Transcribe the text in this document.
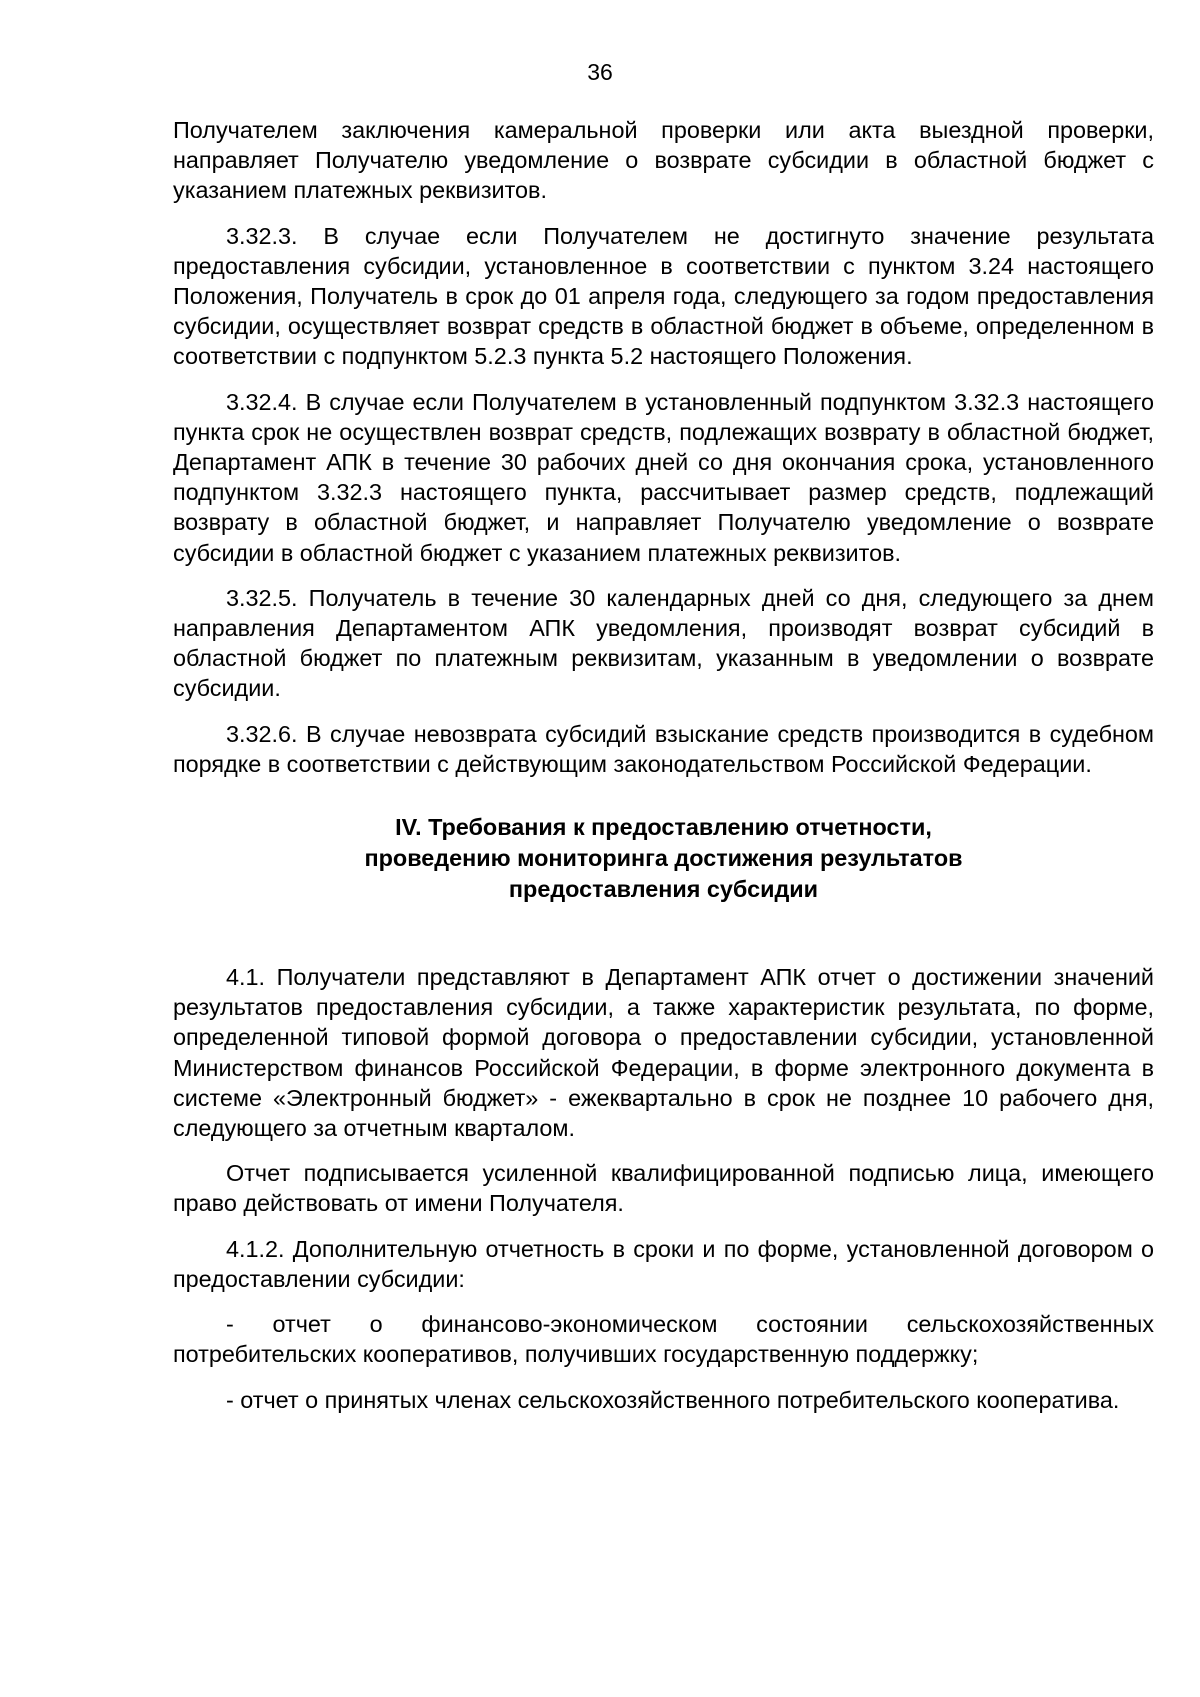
36

Получателем заключения камеральной проверки или акта выездной проверки, направляет Получателю уведомление о возврате субсидии в областной бюджет с указанием платежных реквизитов.

3.32.3. В случае если Получателем не достигнуто значение результата предоставления субсидии, установленное в соответствии с пунктом 3.24 настоящего Положения, Получатель в срок до 01 апреля года, следующего за годом предоставления субсидии, осуществляет возврат средств в областной бюджет в объеме, определенном в соответствии с подпунктом 5.2.3 пункта 5.2 настоящего Положения.

3.32.4. В случае если Получателем в установленный подпунктом 3.32.3 настоящего пункта срок не осуществлен возврат средств, подлежащих возврату в областной бюджет, Департамент АПК в течение 30 рабочих дней со дня окончания срока, установленного подпунктом 3.32.3 настоящего пункта, рассчитывает размер средств, подлежащий возврату в областной бюджет, и направляет Получателю уведомление о возврате субсидии в областной бюджет с указанием платежных реквизитов.

3.32.5. Получатель в течение 30 календарных дней со дня, следующего за днем направления Департаментом АПК уведомления, производят возврат субсидий в областной бюджет по платежным реквизитам, указанным в уведомлении о возврате субсидии.

3.32.6. В случае невозврата субсидий взыскание средств производится в судебном порядке в соответствии с действующим законодательством Российской Федерации.

IV. Требования к предоставлению отчетности,
проведению мониторинга достижения результатов
предоставления субсидии

4.1. Получатели представляют в Департамент АПК отчет о достижении значений результатов предоставления субсидии, а также характеристик результата, по форме, определенной типовой формой договора о предоставлении субсидии, установленной Министерством финансов Российской Федерации, в форме электронного документа в системе «Электронный бюджет» - ежеквартально в срок не позднее 10 рабочего дня, следующего за отчетным кварталом.

Отчет подписывается усиленной квалифицированной подписью лица, имеющего право действовать от имени Получателя.

4.1.2. Дополнительную отчетность в сроки и по форме, установленной договором о предоставлении субсидии:

- отчет о финансово-экономическом состоянии сельскохозяйственных потребительских кооперативов, получивших государственную поддержку;

- отчет о принятых членах сельскохозяйственного потребительского кооператива.
